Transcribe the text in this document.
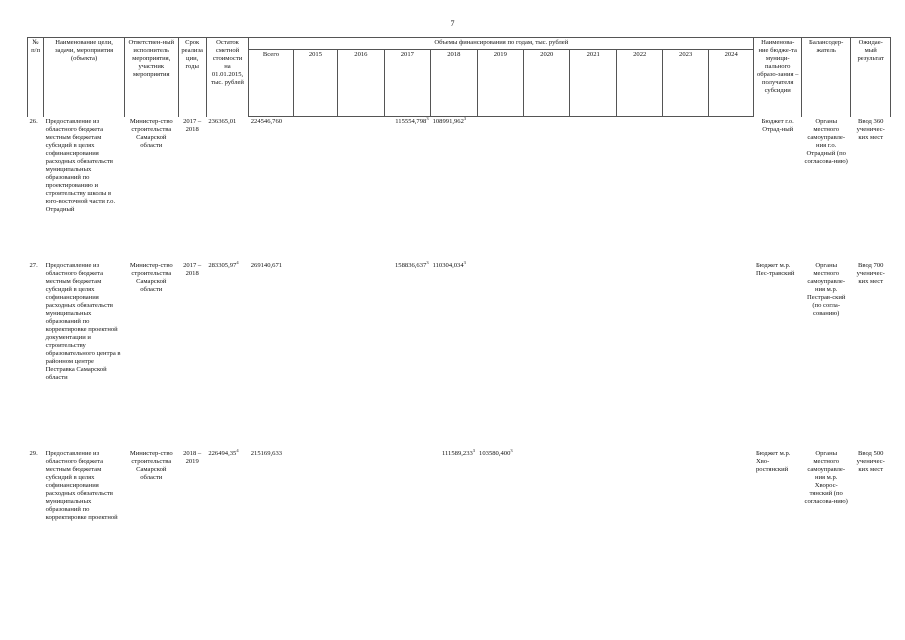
7
№ п/п	Наименование цели, задачи, мероприятия (объекта)	Ответствен-ный исполнитель мероприятия, участник мероприятия	Срок реализа ции, годы	Остаток сметной стоимости на 01.01.2015, тыс. рублей	Объемы финансирования по годам, тыс. рублей											Наименова-ние бюдже-та муници-пального образо-зания – получателя субсидии	Балансодер-жатель	Ожидае-мый результат
					Всего	2015	2016	2017	2018	2019	2020	2021	2022	2023	2024			
26.	Предоставление из областного бюджета местным бюджетам субсидий в целях софинансирования расходных обязательств муниципальных образований по проектированию и строительству школы в юго-восточной части г.о. Отрадный	Министер-ство строительства Самарской области	2017 – 2018	236365,01	224546,760			115554,798$^3$	108991,962$^3$							Бюджет г.о. Отрад-ный	Органы местного самоуправле-ния г.о. Отрадный (по согласова-нию)	Ввод 360 ученичес-ких мест
27.	Предоставление из областного бюджета местным бюджетам субсидий в целях софинансирования расходных обязательств муниципальных образований по корректировке проектной документации и строительству образовательного центра в районном центре Пестравка Самарской области	Министер-ство строительства Самарской области	2017 – 2018	283305,97$^4$	269140,671			158836,637$^3$	110304,034$^3$							Бюджет м.р. Пес-травский	Органы местного самоуправле-ния м.р. Пестрав-ский (по согла-сованию)	Ввод 700 ученичес-ких мест
29.	Предоставление из областного бюджета местным бюджетам субсидий в целях софинансирования расходных обязательств муниципальных образований по корректировке проектной	Министер-ство строительства Самарской области	2018 – 2019	226494,35$^4$	215169,633				111589,233$^3$	103580,400$^3$						Бюджет м.р. Хво-ростянский	Органы местного самоуправле-ния м.р. Хворос-тянский (по согласова-нию)	Ввод 500 ученичес-ких мест
